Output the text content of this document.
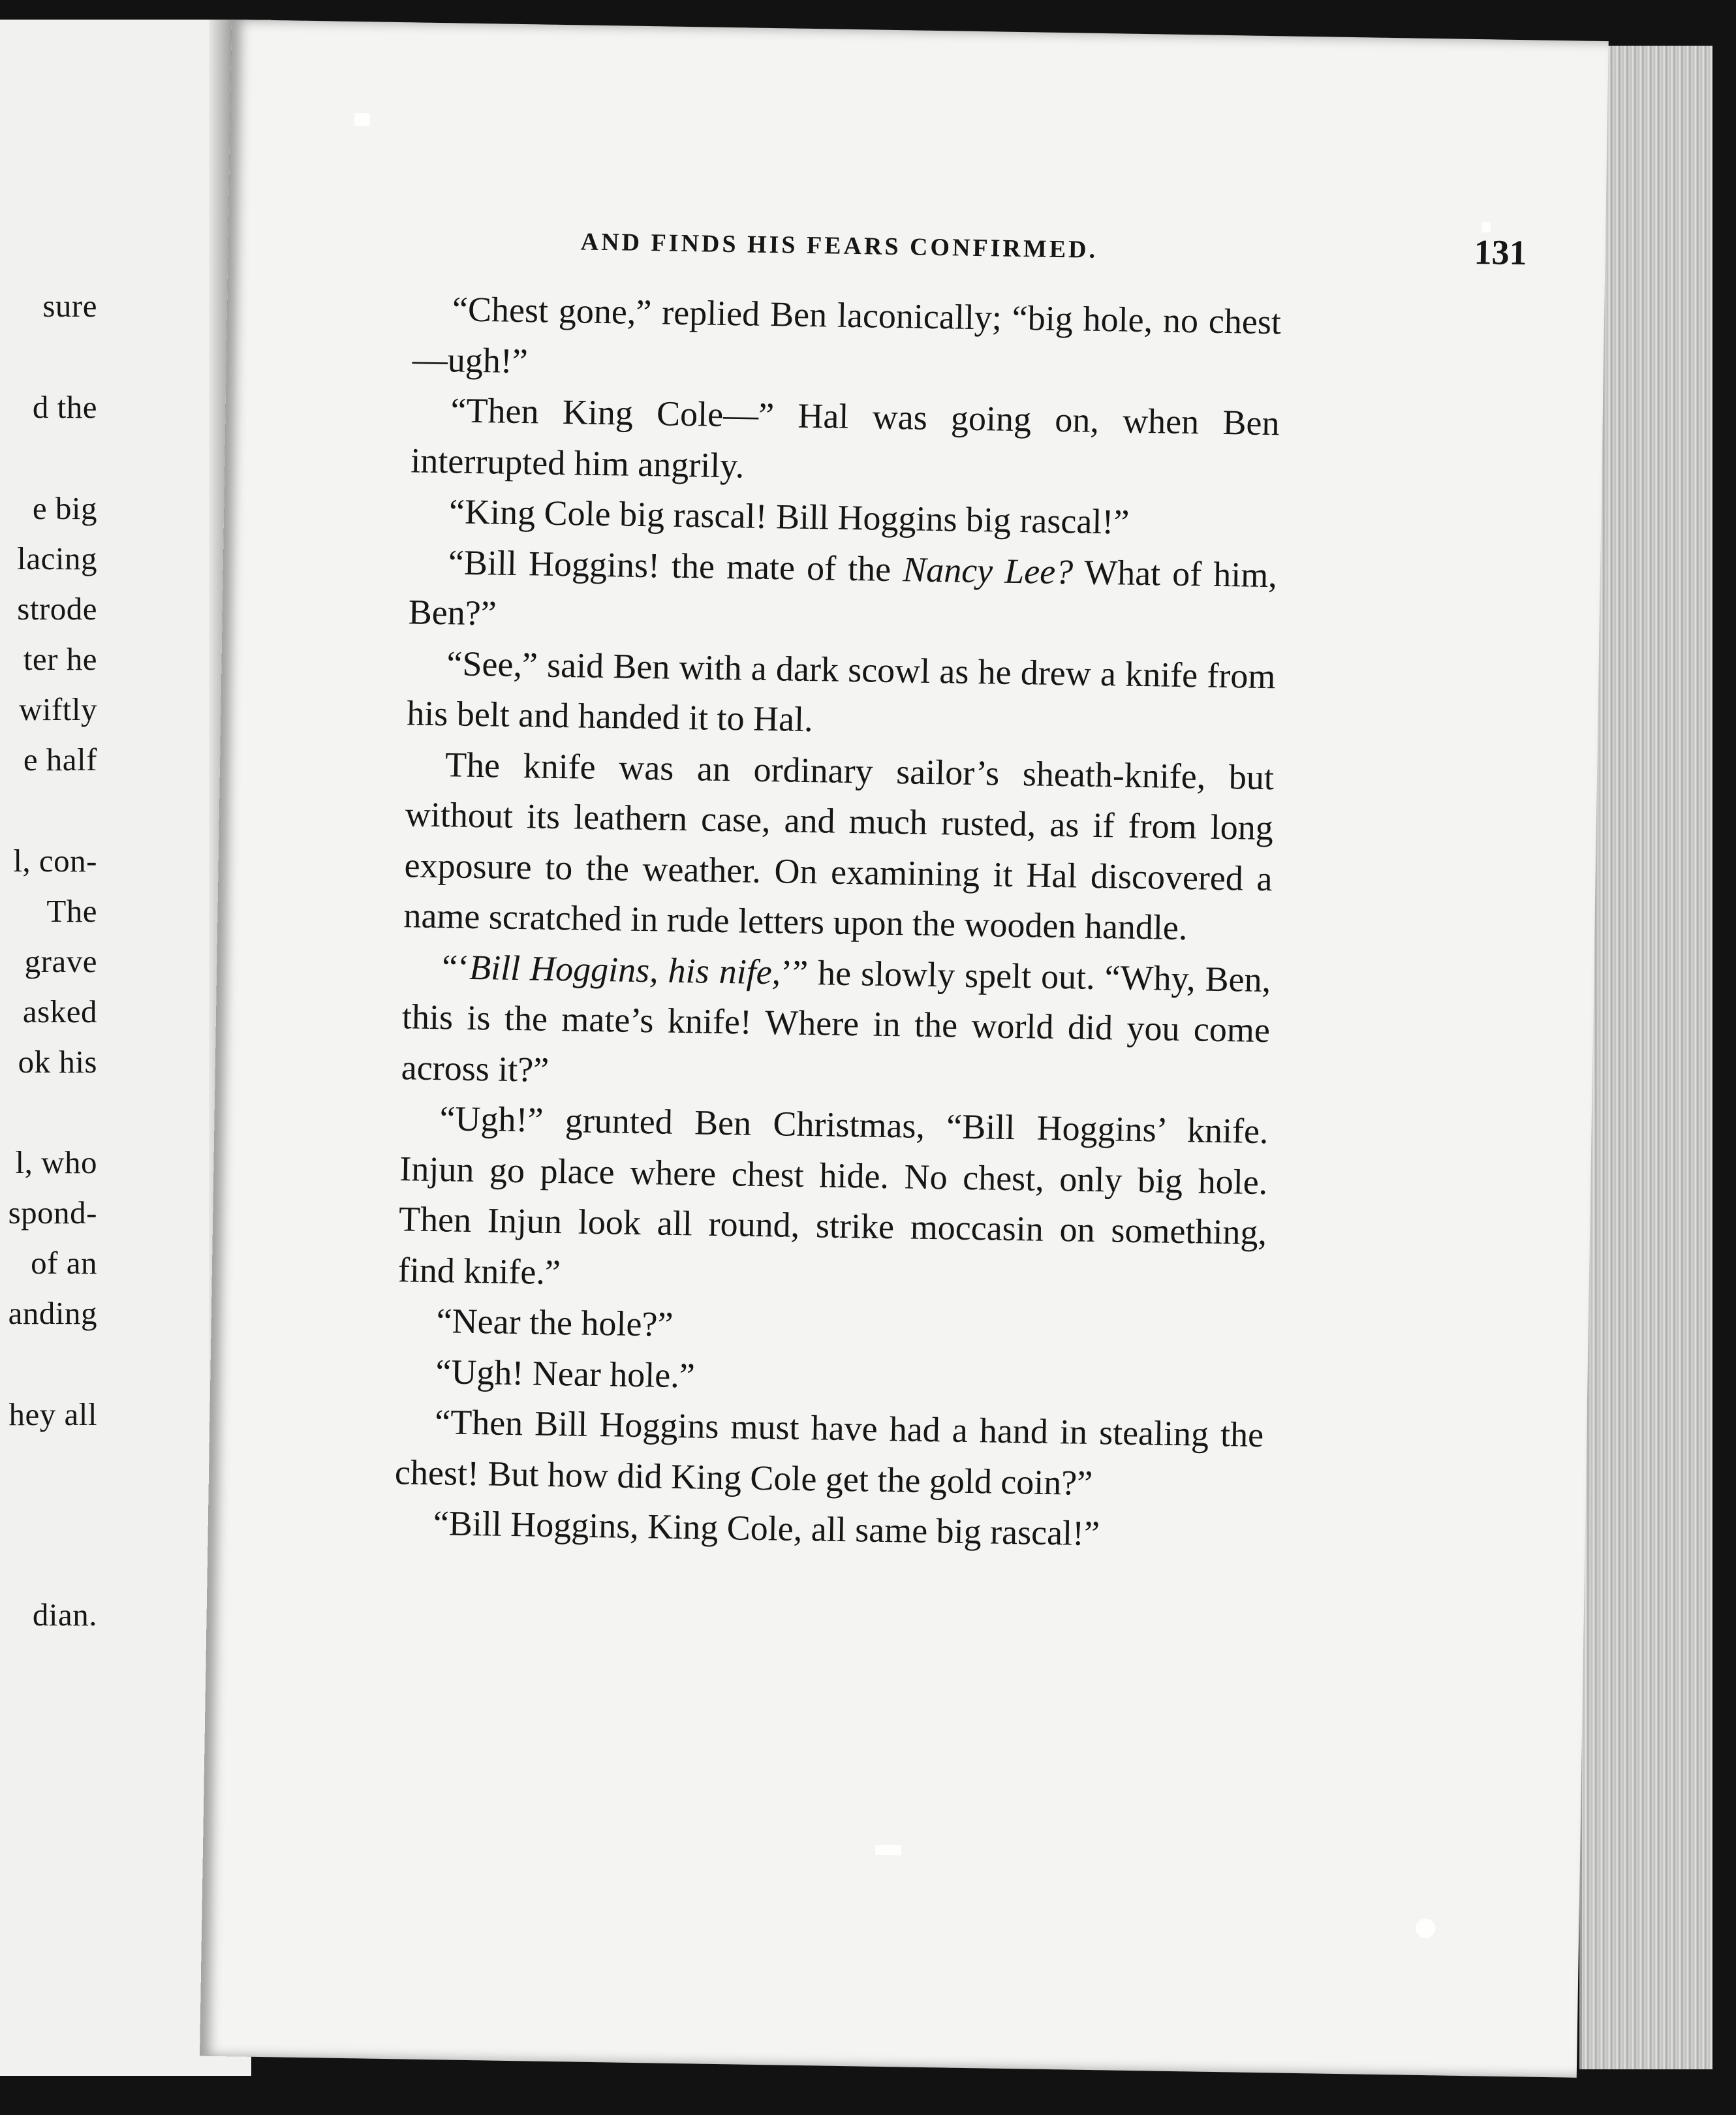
sure
d the
e big
lacing
strode
ter he
wiftly
e half
l, con-
The
grave
asked
ok his
l, who
spond-
of an
anding
hey all
dian.
AND FINDS HIS FEARS CONFIRMED.	131

“Chest gone,” replied Ben laconically; “big hole, no chest—ugh!”

“Then King Cole—” Hal was going on, when Ben interrupted him angrily.

“King Cole big rascal! Bill Hoggins big rascal!”

“Bill Hoggins! the mate of the Nancy Lee? What of him, Ben?”

“See,” said Ben with a dark scowl as he drew a knife from his belt and handed it to Hal.

The knife was an ordinary sailor’s sheath-knife, but without its leathern case, and much rusted, as if from long exposure to the weather. On examining it Hal discovered a name scratched in rude letters upon the wooden handle.

“‘Bill Hoggins, his nife,’” he slowly spelt out. “Why, Ben, this is the mate’s knife! Where in the world did you come across it?”

“Ugh!” grunted Ben Christmas, “Bill Hoggins’ knife. Injun go place where chest hide. No chest, only big hole. Then Injun look all round, strike moccasin on something, find knife.”

“Near the hole?”

“Ugh! Near hole.”

“Then Bill Hoggins must have had a hand in stealing the chest! But how did King Cole get the gold coin?”

“Bill Hoggins, King Cole, all same big rascal!”
